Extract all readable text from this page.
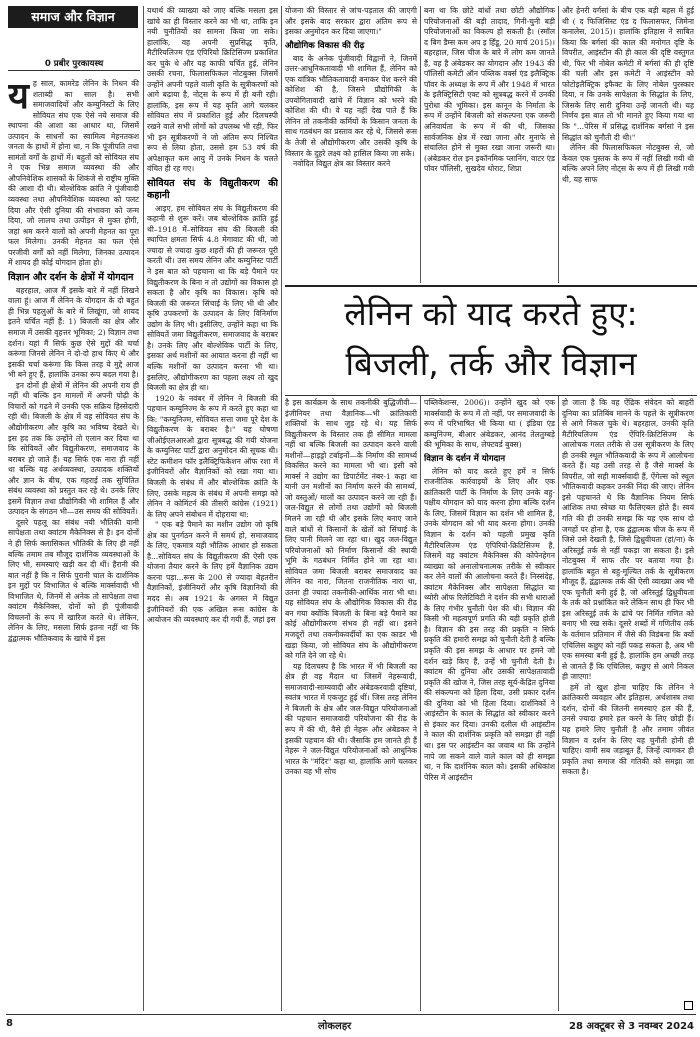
समाज और विज्ञान
0 प्रबीर पुरकायस्थ
य ह साल, कामरेड लेनिन के निधन की शताब्दी का साल है। सभी समाजवादियों और कम्युनिस्टों के लिए सोवियत संघ एक ऐसे नये समाज की स्थापना की आशा का आधार था, जिसमें उत्पादन के साधनों का स्वामित्व मेहनतकश जनता के हाथों में होना था, न कि पूंजीपति तथा सामंतों वर्गों के हाथों में। बहुतों को सोवियत संघ ने एक भिन्न समाज व्यवस्था की और औपनिवेशिक शासकों के शिकंजे से राष्ट्रीय मुक्ति की आशा दी थी। बोल्शेविक क्रांति ने पूंजीवादी व्यवस्था तथा औपनिवेशिक व्यवस्था को पलट दिया और ऐसी दुनिया की संभावना को जन्म दिया, जो लालच तथा उत्पीड़न से मुक्त होगी, जहां श्रम करने वालों को अपनी मेहनत का पूरा फल मिलेगा। उनकी मेहनत का फल ऐसे परजीवी वर्गों को नहीं मिलेगा, जिनका उत्पादन में शायद ही कोई योगदान होता हो।

विज्ञान और दर्शन के क्षेत्रों में योगदान

बहरहाल, आज मैं इसके बारे में नहीं लिखने वाला हूं। आज मैं लेनिन के योगदान के दो बहुत ही भिन्न पहलुओं के बारे में लिखूंगा, जो शायद इतने चर्चित नहीं हैं: 1) बिजली का क्षेत्र और समाज में उसकी वृहत्तर भूमिका; 2) विज्ञान तथा दर्शन। यहां मैं सिर्फ कुछ ऐसे मुद्दों की चर्चा करूंगा जिनसे लेनिन ने दो-दो हाथ किए थे और इसकी चर्चा करूंगा कि किस तरह ये मुद्दे आज भी बने हुए हैं, हालांकि उनका रूप बदल गया है।

इन दोनों ही क्षेत्रों में लेनिन की अपनी राय ही नहीं थी बल्कि इन मामलों में अपनी पोढ़ी के विचारों को गढ़ने में उनकी एक सक्रिय हिस्सेदारी रही थी। बिजली के क्षेत्र में वह सोवियत संघ के औद्योगीकरण और कृषि का भविष्य देखते थे। इस हद तक कि उन्होंने तो एलान कर दिया था कि सोवियतें और विद्युतीकरण, समाजवाद के बराबर हो जाते हैं। यह सिर्फ एक नारा ही नहीं था बल्कि यह अर्थव्यवस्था, उत्पादक शक्तियों और ज्ञान के बीच, एक गहराई तक सुचिंतित संबंध व्यवस्था को प्रस्तुत कर रहे थे। उनके लिए इसमें विज्ञान तथा प्रौद्योगिकी भी शामिल हैं और उत्पादन के संगठन भी—उस समय की सोवियतें।

दूसरे पहलू का संबंध नयी भौतिकी यानी सापेक्षता तथा क्वांटम मैकेनिक्स से है। इन दोनों ने ही सिर्फ क्लासिकल भौतिकी के लिए ही नहीं बल्कि तमाम तब मौजूद दार्शनिक व्यवस्थाओं के लिए भी, समस्याएं खड़ी कर दी थीं। हैरानी की बात नहीं है कि न सिर्फ पुरानी चाल के दार्शनिक इन मुद्दों पर विभाजित थे बल्कि मार्क्सवादी भी विभाजित थे, जिनमें से अनेक तो सापेक्षता तथा क्वांटम मैकेनिक्स, दोनों को ही पूंजीवादी विचलनों के रूप में खारिज करते थे। लेकिन, लेनिन के लिए, मसला सिर्फ इतना नहीं था कि द्वंद्वात्मक भौतिकवाद के खांचे में इस

यथार्थ की व्याख्या को जाए बल्कि मसला इस खांचे का ही विस्तार करने का भी था, ताकि इन नयी चुनौतियों का सामना किया जा सके। हालांकि, वह अपनी सुप्रसिद्ध कृति, मैटीरियलिज्म एंड एंपिरियो क्रिटिसिज्म प्रकाशित कर चुके थे और यह काफी चर्चित हुई, लेनिन उसकी रचना, फिलासफिकल नोटबुक्स जिसमें उन्होंने अपनी पहले वाली कृति के सूत्रीकरणों को आगे बढ़ाया है, नोट्स के रूप में ही बनी रही। हालांकि, इस रूप में यह कृति आगे चलकर सोवियत संघ में प्रकाशित हुई और दिलचस्पी रखने वाले सभी लोगों को उपलब्ध भी रही, फिर भी इन सूत्रीकरणों ने जो अंतिम रूप निश्चित रूप से लिया होता, उससे हम 53 वर्ष की अपेक्षाकृत कम आयु में उनके निधन के चलते वंचित ही रह गए।

सोवियत संघ के विद्युतीकरण की कहानी

आइए, हम सोवियत संघ के विद्युतीकरण की कहानी से शुरू करें। जब बोल्शेविक क्रांति हुई थी–1918 में–सोवियत संघ की बिजली की स्थापित क्षमता सिर्फ 4.8 मेगावाट की थी, जो ज्यादा से ज्यादा कुछ शहरों की ही जरूरत पूरी करती थी। उस समय लेनिन और कम्युनिस्ट पार्टी ने इस बात को पहचाना था कि बड़े पैमाने पर विद्युतीकरण के बिना न तो उद्योगों का विकास हो सकता है और कृषि का विकास। कृषि को बिजली की जरूरत सिंचाई के लिए भी थी और कृषि उपकरणों के उत्पादन के लिए विनिर्माण उद्योग के लिए भी। इसीलिए, उन्होंने कहा था कि सोवियतें जमा विद्युतीकरण, समाजवाद के बराबर है। उनके लिए और बोल्शेविक पार्टी के लिए, इसका अर्थ मशीनों का आयात करना ही नहीं था बल्कि मशीनों का उत्पादन करना भी था। इसलिए, औद्योगीकरण का पहला लक्ष्य तो खुद बिजली का क्षेत्र ही था।

1920 के नवंबर में लेनिन ने बिजली की पहचान कम्युनिज्म के रूप में करते हुए कहा था कि: "कम्युनिज्म, सोवियत सत्ता जमा पूरे देश के विद्युतीकरण के बराबर है।" यह घोषणा जीओईएलआरओ द्वारा सूत्रबद्ध की गयी योजना के कम्युनिस्ट पार्टी द्वारा अनुमोदन की सूचक थी। स्टेट कमीशन फॉर इलैक्ट्रिफिकेशन ऑफ रशा में इंजीनियरों और वैज्ञानिकों को रखा गया था। बिजली के संबंध में और बोल्शेविक क्रांति के लिए, उसके महत्व के संबंध में अपनी समझ को लेनिन ने कोमिंटर्न की तीसरी कांग्रेस (1921) के लिए अपने संबोधन में दोहराया था:

" एक बड़े पैमाने का मशीन उद्योग जो कृषि क्षेत्र का पुनर्गठन करने में समर्थ हो, समाजवाद के लिए, एकमात्र यही भौतिक आधार हो सकता है...सोवियत संघ के विद्युतीकरण की ऐसी एक योजना तैयार करने के लिए हमें वैज्ञानिक उद्यम करना पड़ा...रूस के 200 से ज्यादा बेहतरीन वैज्ञानिकों, इंजीनियरों और कृषि विज्ञानियों की मदद से। अब 1921 के अगस्त में विद्युत इंजीनियरों की एक अखिल रूस कांग्रेस के आयोजन की व्यवस्थाएं कर दी गयी हैं, जहां इस

योजना की विस्तार से जांच-पड़ताल की जाएगी और इसके बाद सरकार द्वारा अंतिम रूप से इसका अनुमोदन कर दिया जाएगा।"

औद्योगिक विकास की रीढ़

बाद के अनेक पूंजीवादी विद्वानों ने, जिनमें उत्तर-आधुनिकतावादी भी शामिल हैं, लेनिन को एक यांत्रिक भौतिकतावादी बनाकर पेश करने की कोशिश की है, जिसने प्रौद्योगिकी के उपयोगितावादी खांचे में विज्ञान को भरने की कोशिश की थी। वे यह नहीं देख पाते हैं कि लेनिन तो तकनीकी कर्मियों के किसान जनता के साथ गठबंधन का प्रस्ताव कर रहे थे, जिससे रूस के तेजी से औद्योगीकरण और उसकी कृषि के विस्तार के दुहरे लक्ष्य को हासिल किया जा सके।

नवोदित विद्युत क्षेत्र का विस्तार करने

बना था कि छोटे बांधों तथा छोटी औद्योगिक परियोजनाओं की बड़ी तादाद, गिनी-चुनी बड़ी परियोजनाओं का विकल्प हो सकती है। (स्मॉल द बिग डैम्स कम अप इ र्हिंडू, 20 मार्च 2015)। बहरहाल, जिस चीज के बारे में लोग कम जानते हैं, वह है अंबेडकर का योगदान और 1943 की पॉलिसी कमेटी ऑन पब्लिक वर्क्स एंड इलैक्ट्रिक पॉवर के अध्यक्ष के रूप में और 1948 में भारत के इलैक्ट्रिसिटी एक्ट को सूत्रबद्ध करने में उनकी पुरोधा की भूमिका। इस कानून के निर्माता के रूप में उन्होंने बिजली को संकल्पना एक जरूरी अनिवार्यता के रूप में की थी, जिसका सार्वजनिक क्षेत्र में रखा जाना और मुनाफे से संचालित होने से मुक्त रखा जाना जरूरी था। (अंबेडकर रोल इन इकॉनमिक प्लानिंग, वाटर एंड पॉवर पॉलिसी, सुखदेव थोराट, शिप्रा

और हेनरी वर्गसां के बीच एक बड़ी बहस में हुई थी ( द फिजिसिस्ट एंड द फिलासफर, जिमेना कनालेस, 2015)। हालांकि इतिहास ने साबित किया कि बर्गसां की काल की मनोगत दृष्टि के विपरीत, आइंस्टीन की ही काल की दृष्टि वस्तुगत थी, फिर भी नोबेल कमेटी में बर्गसां की ही दृष्टि की चली और इस कमेटी ने आइंस्टीन को फोटोइलैक्ट्रिक इफैक्ट के लिए नोबेल पुरस्कार दिया, न कि उनके सापेक्षता के सिद्धांत के लिए, जिसके लिए सारी दुनिया उन्हें जानती थी। यह निर्णय इस बात तो भी मानते हुए किया गया था कि "...पेरिस में प्रसिद्ध दार्शनिक बर्गसां ने इस सिद्धांत को चुनौती दी थी।"

लेनिन की फिलासफिकल नोटबुक्स से, जो केवल एक पुस्तक के रूप में नहीं लिखी गयी थी बल्कि अपने लिए नोट्स के रूप में ही लिखी गयी थी, यह साफ

लेनिन को याद करते हुए:
बिजली, तर्क और विज्ञान

है इस कार्यक्रम के साथ तकनीकी बुद्धिजीवी—इंजीनियर तथा वैज्ञानिक—भी क्रांतिकारी शक्तियों के साथ जुड़ रहे थे। यह सिर्फ विद्युतीकरण के विस्तार तक ही सीमित मामला नहीं था बल्कि बिजली का उत्पादन करने वाली मशीनों—हाइड्रो टर्बाइनों—के निर्माण की सामर्थ्य विकसित करने का मामला भी था। इसी को मार्क्स ने उद्योग का डिपार्टमेंट नंबर-1 कहा था यानी उन मशीनों का निर्माण करने की सामर्थ्य, जो वस्तुओं/ मालों का उत्पादन करने जा रही हैं। जल-विद्युत से लोगों तथा उद्योगों को बिजली मिलने जा रही थी और इसके लिए बनाए जाने वाले बांधों से किसानों के खेतों को सिंचाई के लिए पानी मिलने जा रहा था। खुद जल-विद्युत परियोजनाओं को निर्माण किसानों की स्थायी भूमि के गठबंधन निर्मित होने जा रहा था। सोवियत जमा बिजली बराबर समाजवाद का लेनिन का नारा, जितना राजनीतिक नारा था, उतना ही ज्यादा तकनीकी-आर्थिक नारा भी था। यह सोवियत संघ के औद्योगिक विकास की रीढ़ बन गया क्योंकि बिजली के बिना बड़े पैमाने का कोई औद्योगीकरण संभव ही नहीं था। इसने मजदूरों तथा तकनीकवर्दीयों का एक काडर भी खड़ा किया, जो सोवियत संघ के औद्योगीकरण को गति देने जा रहे थे।

यह दिलचस्प है कि भारत में भी बिजली का क्षेत्र ही वह मैदान था जिसमें नेहरूवादी, समाजवादी-साम्यवादी और अंबेडकरवादी दृष्टियां, स्वतंत्र भारत में एकजुट हुई थीं। जिस तरह लेनिन ने बिजली के क्षेत्र और जल-विद्युत परियोजनाओं की पहचान समाजवादी परियोजना की रीढ़ के रूप में की थी, वैसे ही नेहरू और अंबेडकर ने इसकी पहचान की थी। जैसाकि हम जानते ही हैं नेहरू ने जल-विद्युत परियोजनाओं को आधुनिक भारत के "मंदिर" कहा था, हालांकि आगे चलकर उनका यह भी सोच

पब्लिकेशन्स, 2006)। उन्होंने खुद को एक मार्क्सवादी के रूप में तो नहीं, पर समाजवादी के रूप में परिभाषित भी किया था ( इंडिया एंड कम्युनिज्म, बीआर अंबेडकर, आनंद तेलतुम्बड़े की भूमिका के साथ, लेफ्टवर्ड बुक्स)

विज्ञान के दर्शन में योगदान

लेनिन को याद करते हुए हमें न सिर्फ राजनीतिक कार्रवाइयों के लिए और एक क्रांतिकारी पार्टी के निर्माण के लिए उनके बहु-पक्षीय योगदान को याद करना होगा बल्कि दर्शन के लिए, जिसमें विज्ञान का दर्शन भी शामिल है, उनके योगदान को भी याद करना होगा। उनकी विज्ञान के दर्शन को पहली प्रमुख कृति मैटीरियलिज्म एंड एंपिरियो-क्रिटिसिज्म है, जिसमें वह क्वांटम मैकेनिक्स की कोपेनहेगन व्याख्या को अनालोचनात्मक तरीके से स्वीकार कर लेने वालों की आलोचना करते हैं। निस्संदेह, क्वांटम मैकेनिक्स और सापेक्षता सिद्धांत या थ्योरी ऑफ रिलेटिविटी ने दर्शन की सभी धाराओं के लिए गंभीर चुनौती पेश की थी। विज्ञान की किसी भी महत्वपूर्ण प्रगति की यही प्रकृति होती है। विज्ञान की इस तरह की प्रकृति न सिर्फ प्रकृति की हमारी समझ को चुनौती देती है बल्कि प्रकृति की इस समझ के आधार पर हमने जो दर्शन खड़े किए हैं, उन्हें भी चुनौती देती है। क्वांटम की दुनिया और उसकी सापेक्षतावादी प्रकृति की खोज ने, जिस तरह सूर्य-केंद्रित दुनिया की संकल्पना को हिला दिया, उसी प्रकार दर्शन की दुनिया को भी हिला दिया। दार्शनिकों ने आइंस्टीन के काल के सिद्धांत को स्वीकार करने से इंकार कर दिया। उनकी दलील थी आइंस्टीन ने काल की दार्शनिक प्रकृति को समझा ही नहीं था। इस पर आइंस्टीन का जवाब था कि उन्होंने नापे जा सकने वाले वाले काल को ही समझा था, न कि दार्शनिक काल को। इसकी अधिकांश पेरिस में आइंस्टीन

हो जाता है कि वह ऐंद्रिक संवेदन को बाहरी दुनिया का प्रतिबिंब मानने के पहले के सूत्रीकरण से आगे निकल चुके थे। बहरहाल, उनकी कृति मैटीरियलिज्म एंड ऐंपिरि-क्रिटिसिज्म के आलोचक गलत तरीके से उस सूत्रीकरण के लिए ही उनकी स्थूल भौतिकवादी के रूप में आलोचना करते हैं। यह उसी तरह से है जैसे मार्क्स के विपरीत, जो सही मार्क्सवादी हैं, ऐंगेल्स को स्थूल भौतिकवादी कहकर उनकी निंदा की जाए। लेनिन इसे पहचानते थे कि वैज्ञानिक नियम सिर्फ आंशिक तथा स्वेच्छ या फैलिएबल होते हैं। स्वयं गति की ही उनकी समझ कि यह एक साथ दो जगहों पर होना है, एक द्वंद्वात्मक चीज के रूप में जिसे उसे देखती है, जिसे द्विध्रुवीयता (हां/ना) के अरिस्तूई तर्क से नहीं पकड़ा जा सकता है। इसे नोटबुक्स में साफ तौर पर बताया गया है। हालांकि बहुत से बहु-मूल्यित तर्क के सूत्रीकरण मौजूद हैं, द्वंद्वात्मक तर्क की ऐसी व्याख्या अब भी एक चुनौती बनी हुई है, जो अरिस्तूई द्विध्रुवीयता के तर्क को प्रश्नांकित करे लेकिन साथ ही फिर भी इस अरिस्तूई तर्क के ढांचे पर निर्मित गणित को बनाए भी रख सके। दूसरे शब्दों में गणितीय तर्क के वर्तमान प्रतिमान में जैसे की विडंबना कि क्यों एचिलिस कछुए को नहीं पकड़ सकता है, अब भी एक समस्या बनी हुई है, हालांकि हम अच्छी तरह से जानते हैं कि एचिलिस, कछुए से आगे निकल ही जाएगा!

हमें तो खुश होना चाहिए कि लेनिन ने क्रांतिकारी व्यवहार और इतिहास, अर्थशास्त्र तथा दर्शन, दोनों की जितनी समस्याएं हल की हैं, उनसे ज्यादा हमारे हल करने के लिए छोड़ी हैं। यह हमारे लिए चुनौती है और तमाम जीवंत विज्ञान व दर्शन के लिए यह चुनौती होनी ही चाहिए। वामी सब जड़ाबूत हैं, जिन्हें त्यागकर ही प्रकृति तथा समाज की गतिकी को समझा जा सकता है।

8	लोकलहर	28 अक्टूबर से 3 नवम्बर 2024
